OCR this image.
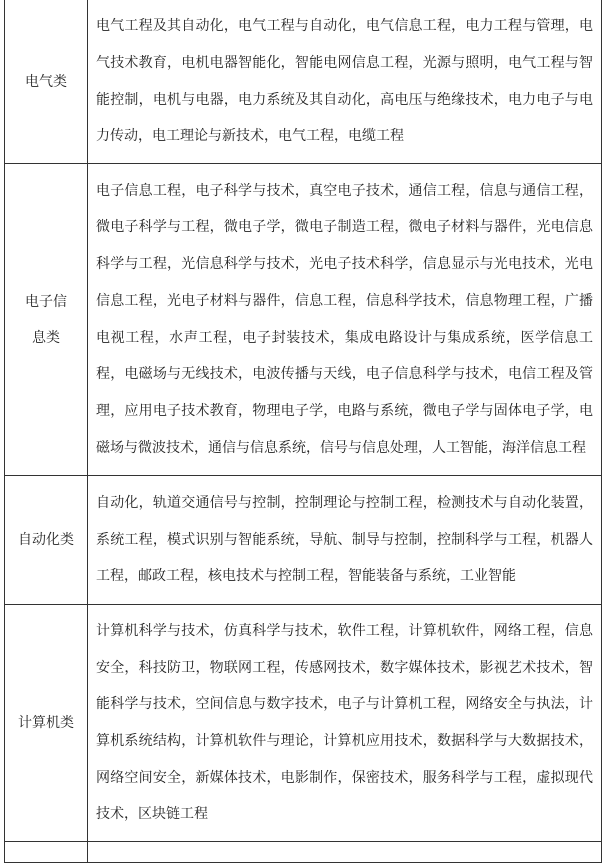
电气类	电气工程及其自动化，电气工程与自动化，电气信息工程，电力工程与管理，电气技术教育，电机电器智能化，智能电网信息工程，光源与照明，电气工程与智能控制，电机与电器，电力系统及其自动化，高电压与绝缘技术，电力电子与电力传动，电工理论与新技术，电气工程，电缆工程
电子信息类	电子信息工程，电子科学与技术，真空电子技术，通信工程，信息与通信工程，微电子科学与工程，微电子学，微电子制造工程，微电子材料与器件，光电信息科学与工程，光信息科学与技术，光电子技术科学，信息显示与光电技术，光电信息工程，光电子材料与器件，信息工程，信息科学技术，信息物理工程，广播电视工程，水声工程，电子封装技术，集成电路设计与集成系统，医学信息工程，电磁场与无线技术，电波传播与天线，电子信息科学与技术，电信工程及管理，应用电子技术教育，物理电子学，电路与系统，微电子学与固体电子学，电磁场与微波技术，通信与信息系统，信号与信息处理，人工智能，海洋信息工程
自动化类	自动化，轨道交通信号与控制，控制理论与控制工程，检测技术与自动化装置，系统工程，模式识别与智能系统，导航、制导与控制，控制科学与工程，机器人工程，邮政工程，核电技术与控制工程，智能装备与系统，工业智能
计算机类	计算机科学与技术，仿真科学与技术，软件工程，计算机软件，网络工程，信息安全，科技防卫，物联网工程，传感网技术，数字媒体技术，影视艺术技术，智能科学与技术，空间信息与数字技术，电子与计算机工程，网络安全与执法，计算机系统结构，计算机软件与理论，计算机应用技术，数据科学与大数据技术，网络空间安全，新媒体技术，电影制作，保密技术，服务科学与工程，虚拟现代技术，区块链工程
